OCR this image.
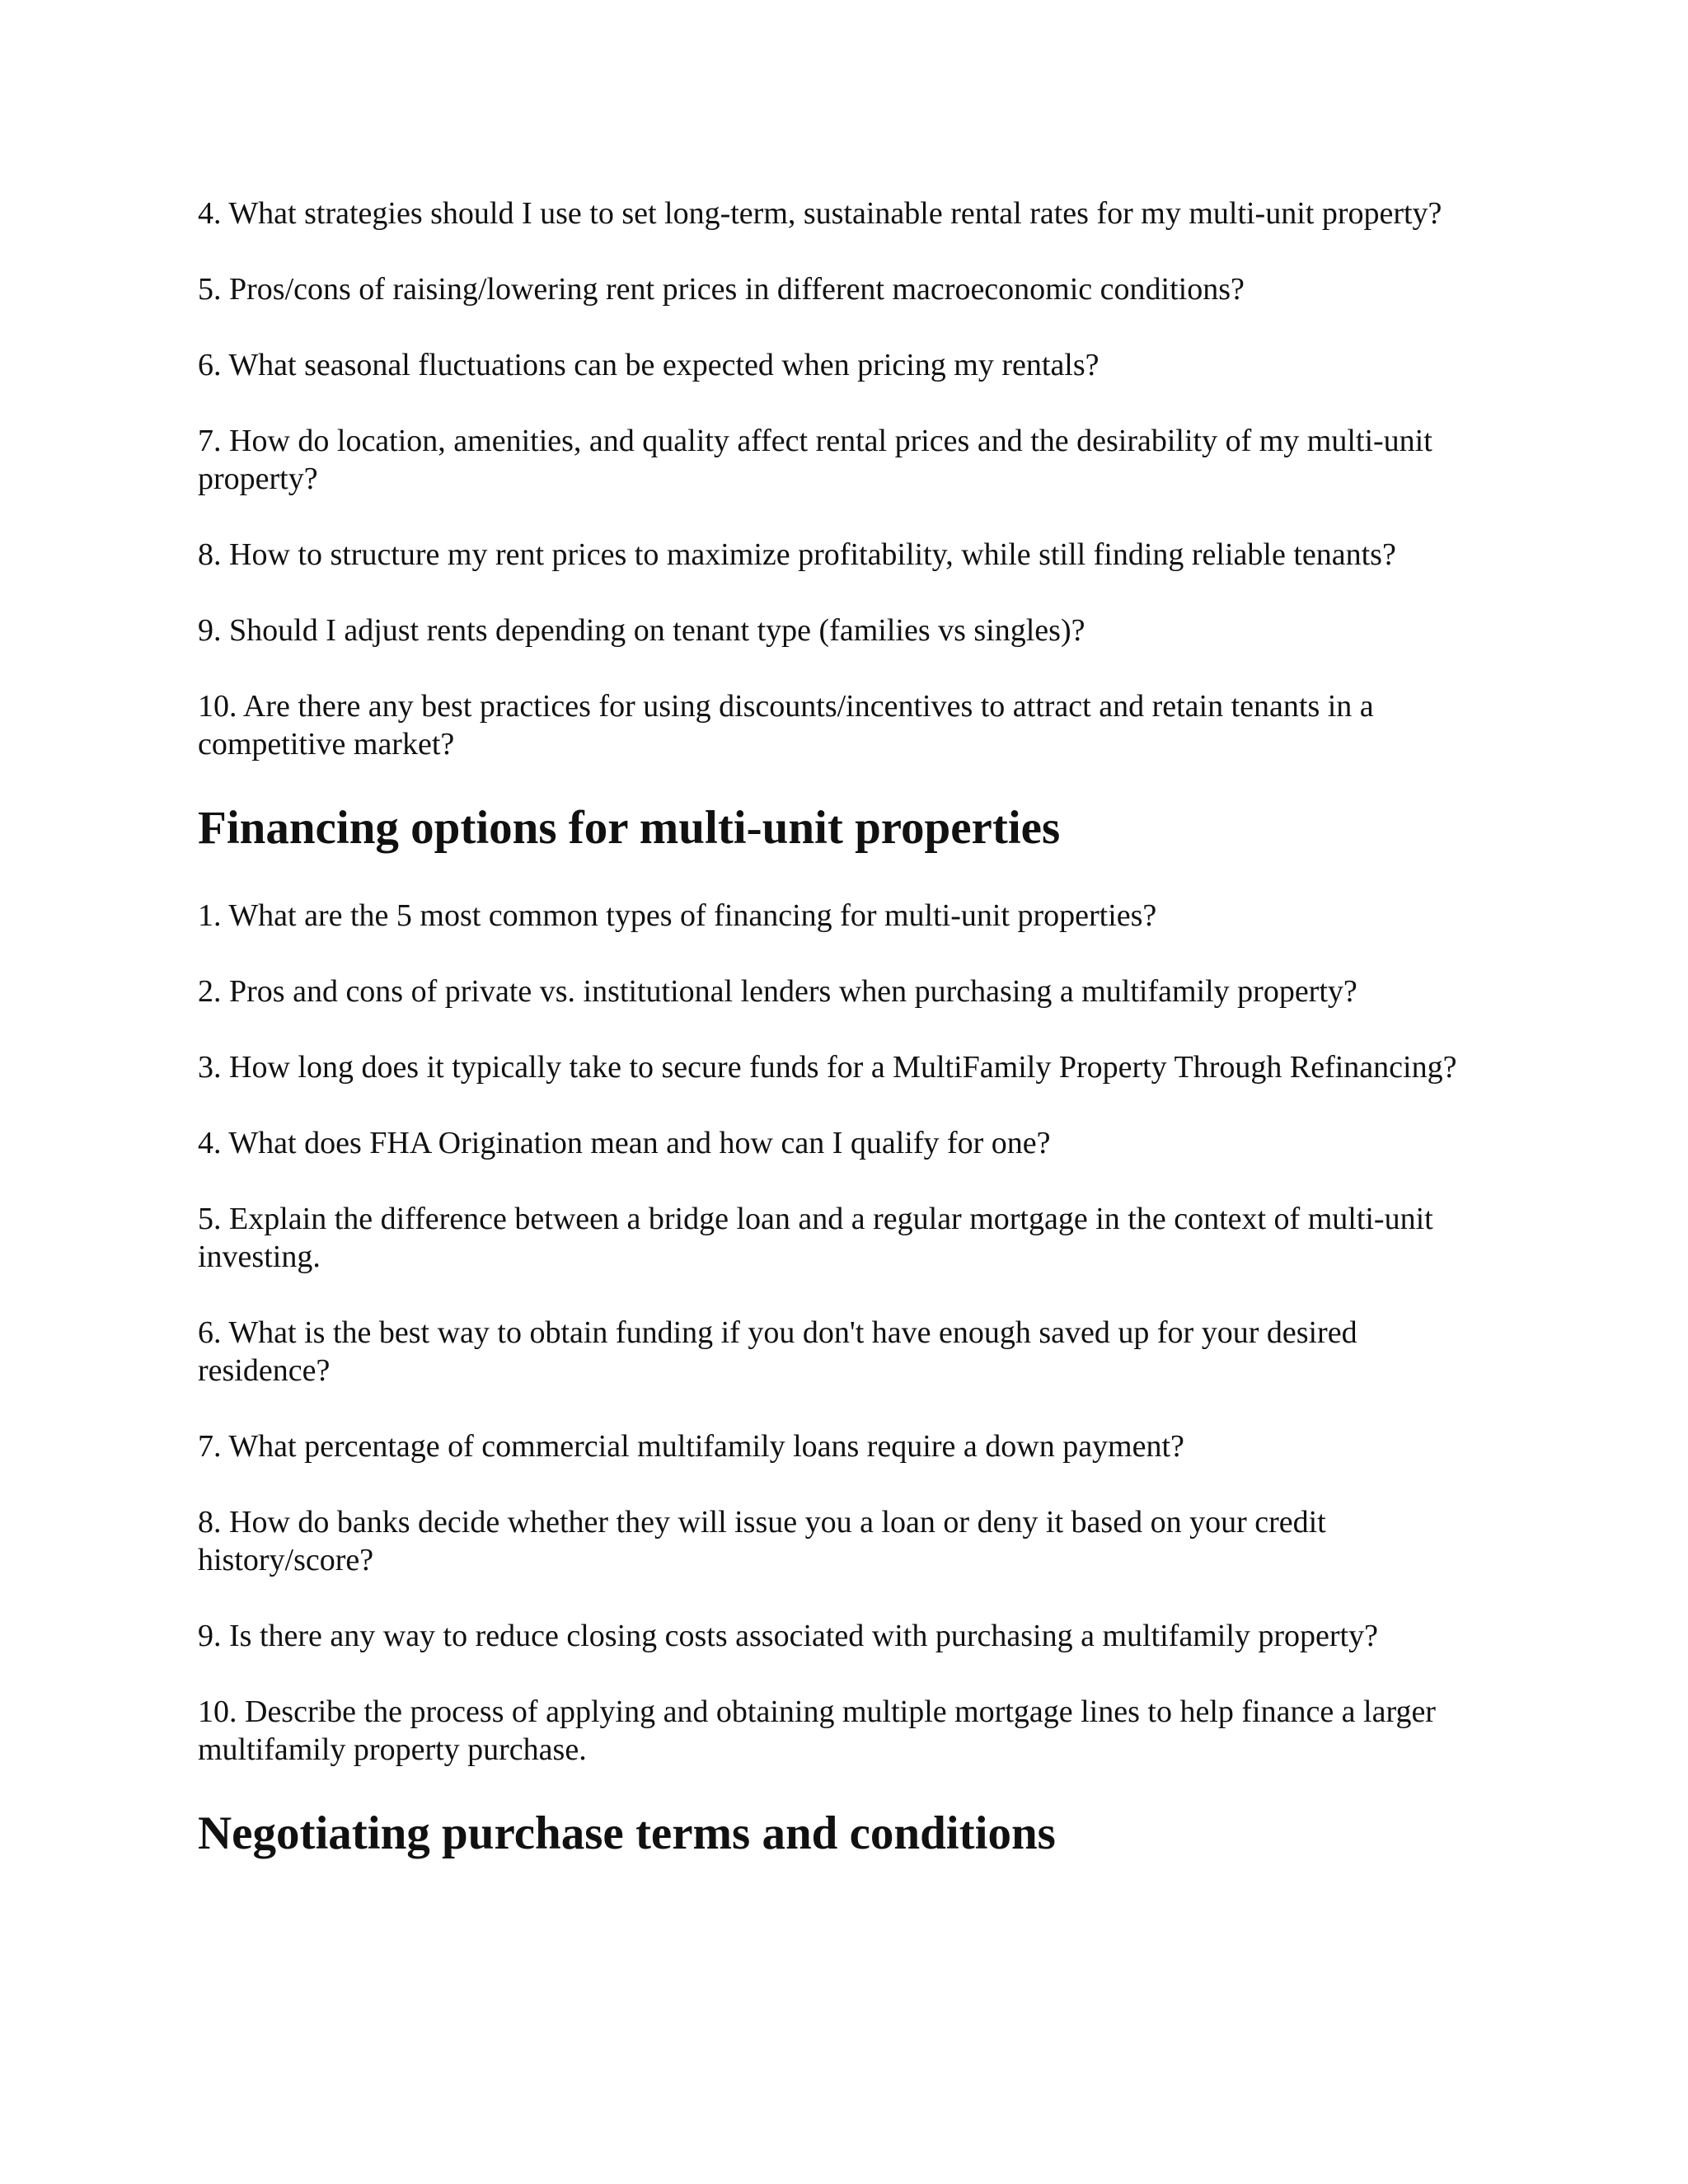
4. What strategies should I use to set long-term, sustainable rental rates for my multi-unit property?

5. Pros/cons of raising/lowering rent prices in different macroeconomic conditions?

6. What seasonal fluctuations can be expected when pricing my rentals?

7. How do location, amenities, and quality affect rental prices and the desirability of my multi-unit property?

8. How to structure my rent prices to maximize profitability, while still finding reliable tenants?

9. Should I adjust rents depending on tenant type (families vs singles)?

10. Are there any best practices for using discounts/incentives to attract and retain tenants in a competitive market?

Financing options for multi-unit properties

1. What are the 5 most common types of financing for multi-unit properties?

2. Pros and cons of private vs. institutional lenders when purchasing a multifamily property?

3. How long does it typically take to secure funds for a MultiFamily Property Through Refinancing?

4. What does FHA Origination mean and how can I qualify for one?

5. Explain the difference between a bridge loan and a regular mortgage in the context of multi-unit investing.

6. What is the best way to obtain funding if you don't have enough saved up for your desired residence?

7. What percentage of commercial multifamily loans require a down payment?

8. How do banks decide whether they will issue you a loan or deny it based on your credit history/score?

9. Is there any way to reduce closing costs associated with purchasing a multifamily property?

10. Describe the process of applying and obtaining multiple mortgage lines to help finance a larger multifamily property purchase.

Negotiating purchase terms and conditions
